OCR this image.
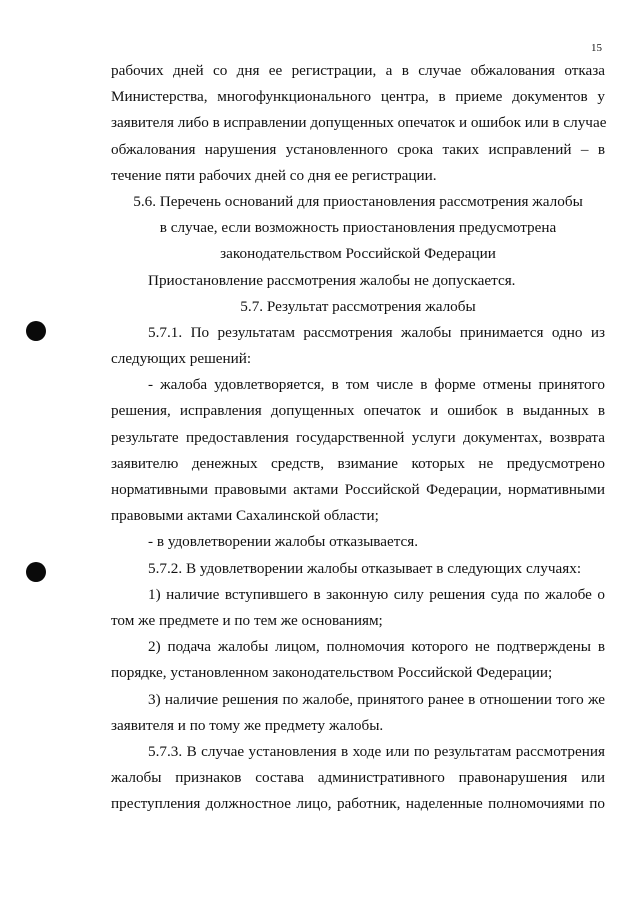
15
рабочих дней со дня ее регистрации, а в случае обжалования отказа
Министерства, многофункционального центра, в приеме документов у
заявителя либо в исправлении допущенных опечаток и ошибок или в случае
обжалования нарушения установленного срока таких исправлений – в
течение пяти рабочих дней со дня ее регистрации.
5.6. Перечень оснований для приостановления рассмотрения жалобы
в случае, если возможность приостановления предусмотрена
законодательством Российской Федерации
Приостановление рассмотрения жалобы не допускается.
5.7. Результат рассмотрения жалобы
5.7.1. По результатам рассмотрения жалобы принимается одно из
следующих решений:
- жалоба удовлетворяется, в том числе в форме отмены принятого
решения, исправления допущенных опечаток и ошибок в выданных в
результате предоставления государственной услуги документах, возврата
заявителю денежных средств, взимание которых не предусмотрено
нормативными правовыми актами Российской Федерации, нормативными
правовыми актами Сахалинской области;
- в удовлетворении жалобы отказывается.
5.7.2. В удовлетворении жалобы отказывает в следующих случаях:
1) наличие вступившего в законную силу решения суда по жалобе о
том же предмете и по тем же основаниям;
2) подача жалобы лицом, полномочия которого не подтверждены в
порядке, установленном законодательством Российской Федерации;
3) наличие решения по жалобе, принятого ранее в отношении того же
заявителя и по тому же предмету жалобы.
5.7.3. В случае установления в ходе или по результатам рассмотрения
жалобы признаков состава административного правонарушения или
преступления должностное лицо, работник, наделенные полномочиями по
